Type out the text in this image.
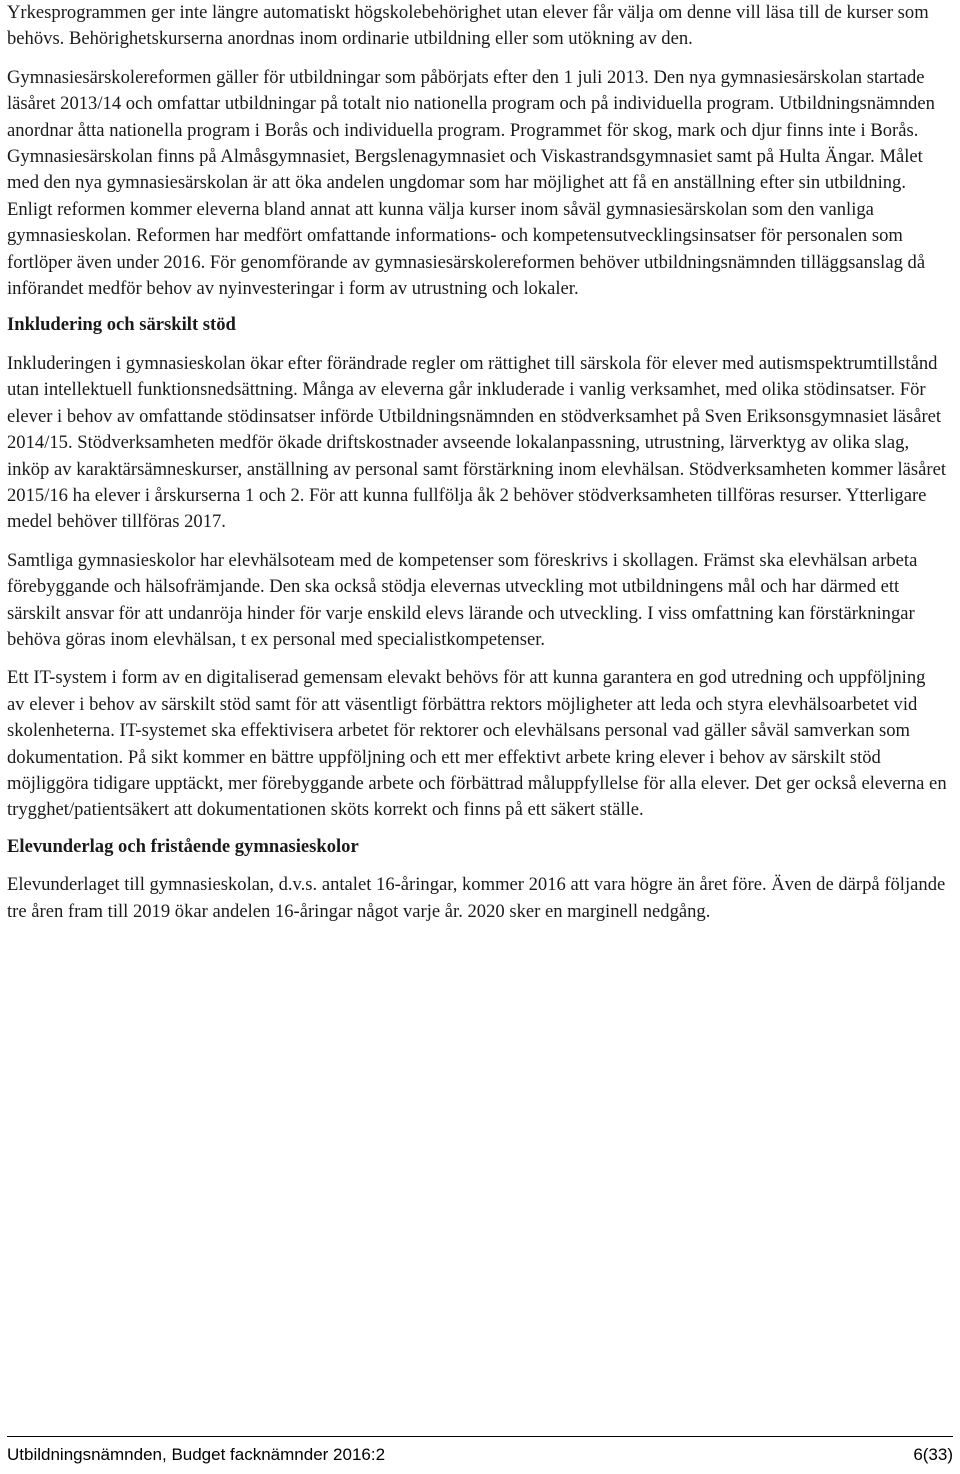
Yrkesprogrammen ger inte längre automatiskt högskolebehörighet utan elever får välja om denne vill läsa till de kurser som behövs. Behörighetskurserna anordnas inom ordinarie utbildning eller som utökning av den.

Gymnasiesärskolereformen gäller för utbildningar som påbörjats efter den 1 juli 2013. Den nya gymnasiesärskolan startade läsåret 2013/14 och omfattar utbildningar på totalt nio nationella program och på individuella program. Utbildningsnämnden anordnar åtta nationella program i Borås och individuella program. Programmet för skog, mark och djur finns inte i Borås. Gymnasiesärskolan finns på Almåsgymnasiet, Bergslenagymnasiet och Viskastrandsgymnasiet samt på Hulta Ängar. Målet med den nya gymnasiesärskolan är att öka andelen ungdomar som har möjlighet att få en anställning efter sin utbildning. Enligt reformen kommer eleverna bland annat att kunna välja kurser inom såväl gymnasiesärskolan som den vanliga gymnasieskolan. Reformen har medfört omfattande informations- och kompetensutvecklingsinsatser för personalen som fortlöper även under 2016. För genomförande av gymnasiesärskolereformen behöver utbildningsnämnden tilläggsanslag då införandet medför behov av nyinvesteringar i form av utrustning och lokaler.

Inkludering och särskilt stöd

Inkluderingen i gymnasieskolan ökar efter förändrade regler om rättighet till särskola för elever med autismspektrumtillstånd utan intellektuell funktionsnedsättning. Många av eleverna går inkluderade i vanlig verksamhet, med olika stödinsatser. För elever i behov av omfattande stödinsatser införde Utbildningsnämnden en stödverksamhet på Sven Eriksonsgymnasiet läsåret 2014/15. Stödverksamheten medför ökade driftskostnader avseende lokalanpassning, utrustning, lärverktyg av olika slag, inköp av karaktärsämneskurser, anställning av personal samt förstärkning inom elevhälsan. Stödverksamheten kommer läsåret 2015/16 ha elever i årskurserna 1 och 2. För att kunna fullfölja åk 2 behöver stödverksamheten tillföras resurser. Ytterligare medel behöver tillföras 2017.

Samtliga gymnasieskolor har elevhälsoteam med de kompetenser som föreskrivs i skollagen. Främst ska elevhälsan arbeta förebyggande och hälsofrämjande. Den ska också stödja elevernas utveckling mot utbildningens mål och har därmed ett särskilt ansvar för att undanröja hinder för varje enskild elevs lärande och utveckling. I viss omfattning kan förstärkningar behöva göras inom elevhälsan, t ex personal med specialistkompetenser.

Ett IT-system i form av en digitaliserad gemensam elevakt behövs för att kunna garantera en god utredning och uppföljning av elever i behov av särskilt stöd samt för att väsentligt förbättra rektors möjligheter att leda och styra elevhälsoarbetet vid skolenheterna. IT-systemet ska effektivisera arbetet för rektorer och elevhälsans personal vad gäller såväl samverkan som dokumentation. På sikt kommer en bättre uppföljning och ett mer effektivt arbete kring elever i behov av särskilt stöd möjliggöra tidigare upptäckt, mer förebyggande arbete och förbättrad måluppfyllelse för alla elever. Det ger också eleverna en trygghet/patientsäkert att dokumentationen sköts korrekt och finns på ett säkert ställe.

Elevunderlag och fristående gymnasieskolor

Elevunderlaget till gymnasieskolan, d.v.s. antalet 16-åringar, kommer 2016 att vara högre än året före. Även de därpå följande tre åren fram till 2019 ökar andelen 16-åringar något varje år. 2020 sker en marginell nedgång.

Utbildningsnämnden, Budget facknämnder 2016:2	6(33)
